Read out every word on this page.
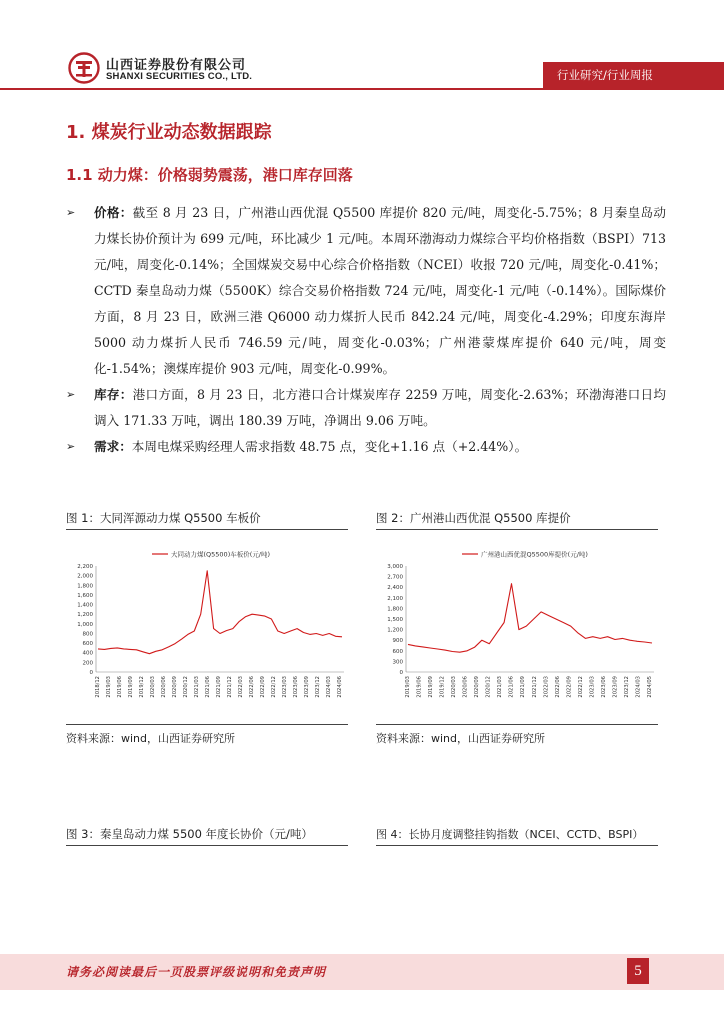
山西证券股份有限公司
SHANXI SECURITIES CO., LTD.	行业研究/行业周报
1. 煤炭行业动态数据跟踪
1.1 动力煤：价格弱势震荡，港口库存回落
➢ 价格：截至 8 月 23 日，广州港山西优混 Q5500 库提价 820 元/吨，周变化-5.75%；8 月秦皇岛动力煤长协价预计为 699 元/吨，环比减少 1 元/吨。本周环渤海动力煤综合平均价格指数（BSPI）713 元/吨，周变化-0.14%；全国煤炭交易中心综合价格指数（NCEI）收报 720 元/吨，周变化-0.41%；CCTD 秦皇岛动力煤（5500K）综合交易价格指数 724 元/吨，周变化-1 元/吨（-0.14%）。国际煤价方面，8 月 23 日，欧洲三港 Q6000 动力煤折人民币 842.24 元/吨，周变化-4.29%；印度东海岸 5000 动力煤折人民币 746.59 元/吨，周变化-0.03%；广州港蒙煤库提价 640 元/吨，周变化-1.54%；澳煤库提价 903 元/吨，周变化-0.99%。
➢ 库存：港口方面，8 月 23 日，北方港口合计煤炭库存 2259 万吨，周变化-2.63%；环渤海港口日均调入 171.33 万吨，调出 180.39 万吨，净调出 9.06 万吨。
➢ 需求：本周电煤采购经理人需求指数 48.75 点，变化+1.16 点（+2.44%）。
图 1：大同浑源动力煤 Q5500 车板价	图 2：广州港山西优混 Q5500 库提价
0
200
400
600
800
1,000
1,200
1,400
1,600
1,800
2,000
2,200
2018/12 2019/03 2019/06 2019/09 2019/12 2020/03 2020/06 2020/09 2020/12 2021/03 2021/06 2021/09 2021/12 2022/03 2022/06 2022/09 2022/12 2023/03 2023/06 2023/09 2023/12 2024/03 2024/06
大同动力煤(Q5500)车板价(元/吨)
0
300
600
900
1,200
1,500
1,800
2,100
2,400
2,700
3,000
2019/03 2019/06 2019/09 2019/12 2020/03 2020/06 2020/09 2020/12 2021/03 2021/06 2021/09 2021/12 2022/03 2022/06 2022/09 2022/12 2023/03 2023/06 2023/09 2023/12 2024/03 2024/05
广州港山西优混Q5500库提价(元/吨)
资料来源：wind，山西证券研究所	资料来源：wind，山西证券研究所
图 3：秦皇岛动力煤 5500 年度长协价（元/吨）	图 4：长协月度调整挂钩指数（NCEI、CCTD、BSPI）
请务必阅读最后一页股票评级说明和免责声明	5
